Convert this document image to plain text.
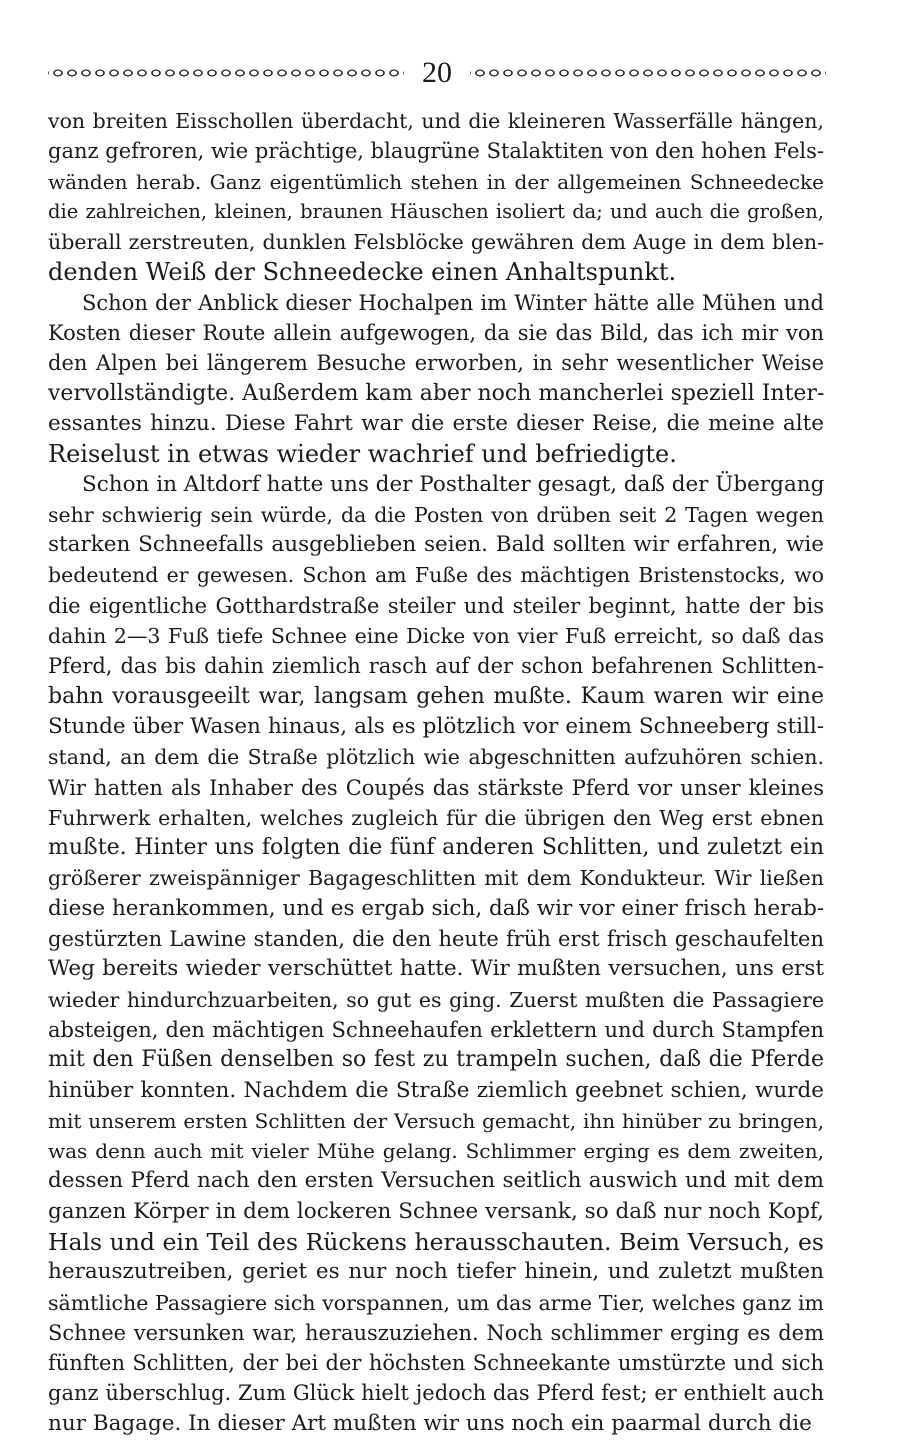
20
von breiten Eisschollen überdacht, und die kleineren Wasserfälle hängen,
ganz gefroren, wie prächtige, blaugrüne Stalaktiten von den hohen Fels-
wänden herab. Ganz eigentümlich stehen in der allgemeinen Schneedecke
die zahlreichen, kleinen, braunen Häuschen isoliert da; und auch die großen,
überall zerstreuten, dunklen Felsblöcke gewähren dem Auge in dem blen-
denden Weiß der Schneedecke einen Anhaltspunkt.
Schon der Anblick dieser Hochalpen im Winter hätte alle Mühen und
Kosten dieser Route allein aufgewogen, da sie das Bild, das ich mir von
den Alpen bei längerem Besuche erworben, in sehr wesentlicher Weise
vervollständigte. Außerdem kam aber noch mancherlei speziell Inter-
essantes hinzu. Diese Fahrt war die erste dieser Reise, die meine alte
Reiselust in etwas wieder wachrief und befriedigte.
Schon in Altdorf hatte uns der Posthalter gesagt, daß der Übergang
sehr schwierig sein würde, da die Posten von drüben seit 2 Tagen wegen
starken Schneefalls ausgeblieben seien. Bald sollten wir erfahren, wie
bedeutend er gewesen. Schon am Fuße des mächtigen Bristenstocks, wo
die eigentliche Gotthardstraße steiler und steiler beginnt, hatte der bis
dahin 2—3 Fuß tiefe Schnee eine Dicke von vier Fuß erreicht, so daß das
Pferd, das bis dahin ziemlich rasch auf der schon befahrenen Schlitten-
bahn vorausgeeilt war, langsam gehen mußte. Kaum waren wir eine
Stunde über Wasen hinaus, als es plötzlich vor einem Schneeberg still-
stand, an dem die Straße plötzlich wie abgeschnitten aufzuhören schien.
Wir hatten als Inhaber des Coupés das stärkste Pferd vor unser kleines
Fuhrwerk erhalten, welches zugleich für die übrigen den Weg erst ebnen
mußte. Hinter uns folgten die fünf anderen Schlitten, und zuletzt ein
größerer zweispänniger Bagageschlitten mit dem Kondukteur. Wir ließen
diese herankommen, und es ergab sich, daß wir vor einer frisch herab-
gestürzten Lawine standen, die den heute früh erst frisch geschaufelten
Weg bereits wieder verschüttet hatte. Wir mußten versuchen, uns erst
wieder hindurchzuarbeiten, so gut es ging. Zuerst mußten die Passagiere
absteigen, den mächtigen Schneehaufen erklettern und durch Stampfen
mit den Füßen denselben so fest zu trampeln suchen, daß die Pferde
hinüber konnten. Nachdem die Straße ziemlich geebnet schien, wurde
mit unserem ersten Schlitten der Versuch gemacht, ihn hinüber zu bringen,
was denn auch mit vieler Mühe gelang. Schlimmer erging es dem zweiten,
dessen Pferd nach den ersten Versuchen seitlich auswich und mit dem
ganzen Körper in dem lockeren Schnee versank, so daß nur noch Kopf,
Hals und ein Teil des Rückens herausschauten. Beim Versuch, es
herauszutreiben, geriet es nur noch tiefer hinein, und zuletzt mußten
sämtliche Passagiere sich vorspannen, um das arme Tier, welches ganz im
Schnee versunken war, herauszuziehen. Noch schlimmer erging es dem
fünften Schlitten, der bei der höchsten Schneekante umstürzte und sich
ganz überschlug. Zum Glück hielt jedoch das Pferd fest; er enthielt auch
nur Bagage. In dieser Art mußten wir uns noch ein paarmal durch die
